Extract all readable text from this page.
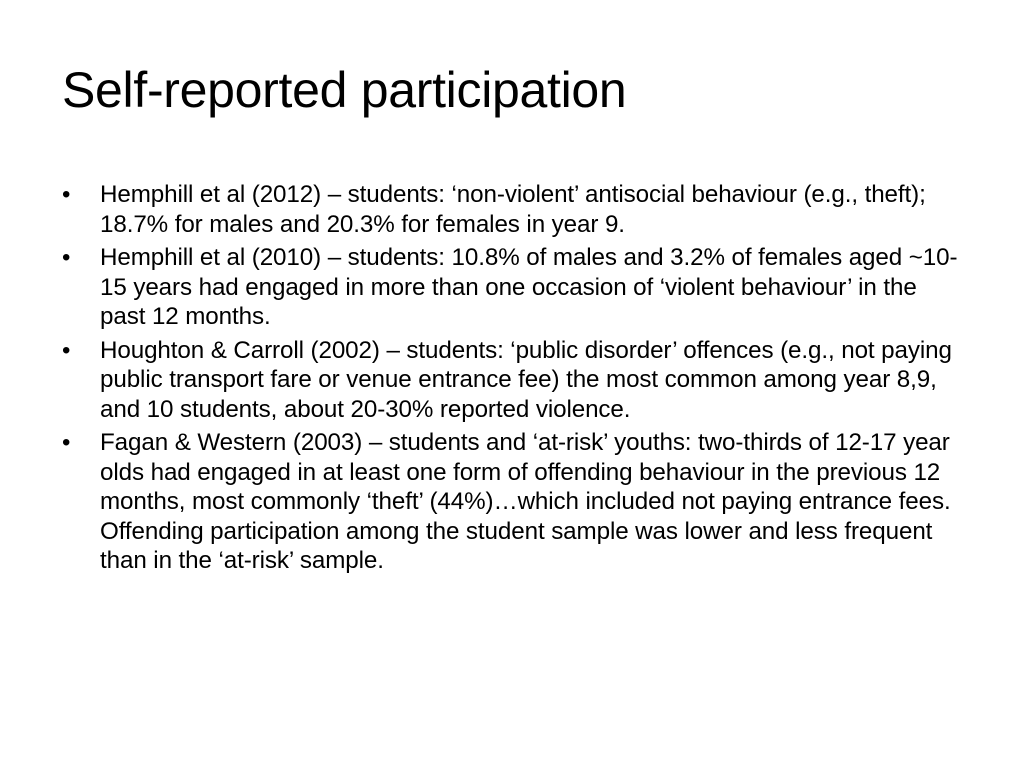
Self-reported participation
•	Hemphill et al (2012) – students: ‘non-violent’ antisocial behaviour (e.g., theft); 18.7% for males and 20.3% for females in year 9.
•	Hemphill et al (2010) – students: 10.8% of males and 3.2% of females aged ~10-15 years had engaged in more than one occasion of ‘violent behaviour’ in the past 12 months.
•	Houghton & Carroll (2002) – students: ‘public disorder’ offences (e.g., not paying public transport fare or venue entrance fee) the most common among year 8,9, and 10 students, about 20-30% reported violence.
•	Fagan & Western (2003) – students and ‘at-risk’ youths: two-thirds of 12-17 year olds had engaged in at least one form of offending behaviour in the previous 12 months, most commonly ‘theft’ (44%)…which included not paying entrance fees. Offending participation among the student sample was lower and less frequent than in the ‘at-risk’ sample.
